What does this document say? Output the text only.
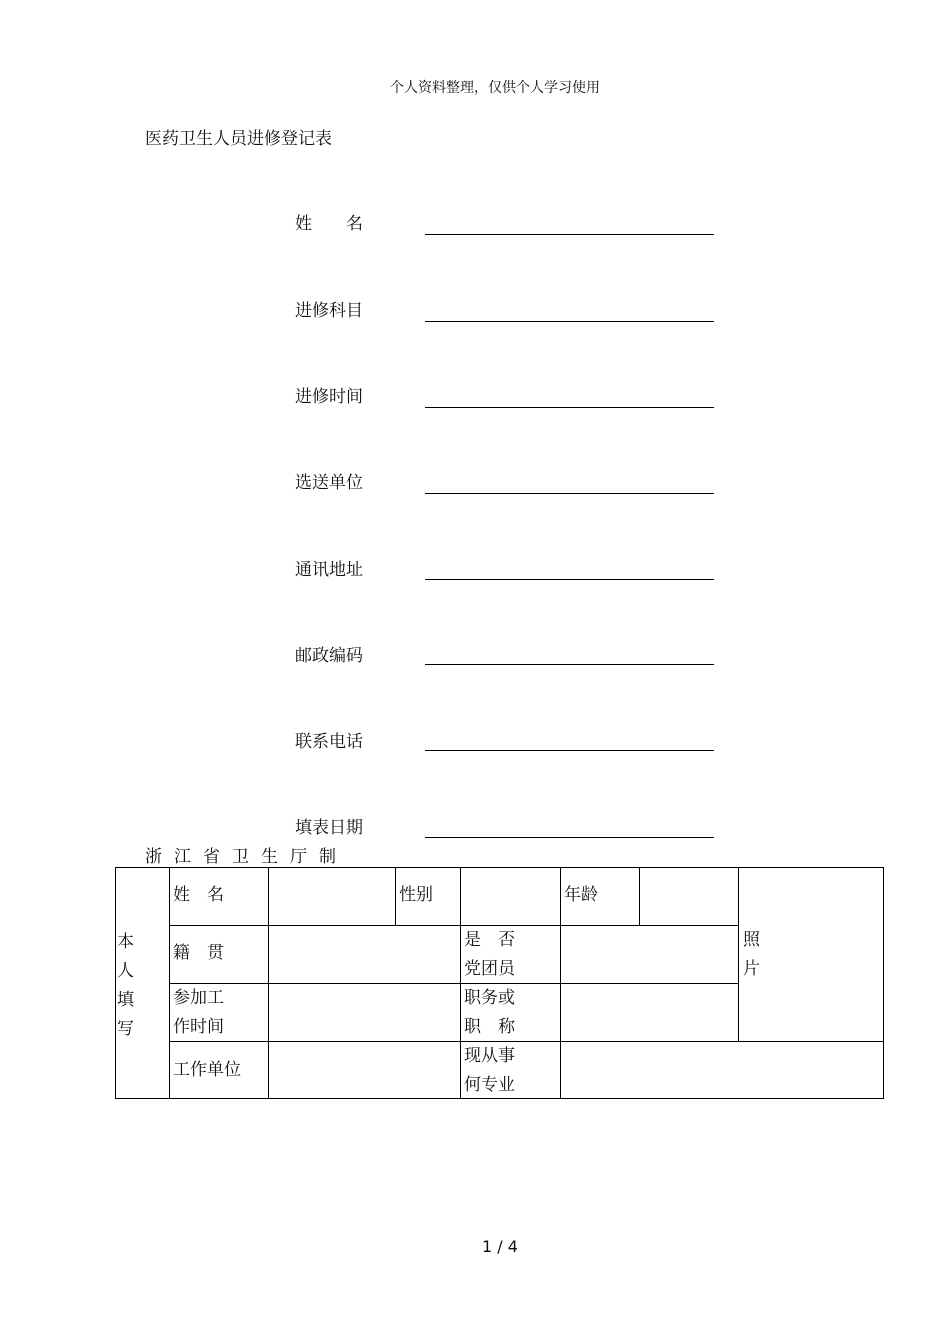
个人资料整理，仅供个人学习使用
医药卫生人员进修登记表
姓　　名
进修科目
进修时间
选送单位
通讯地址
邮政编码
联系电话
填表日期
浙江省卫生厅制
本
人
填
写
姓　名	性别	年龄
照
片
籍　贯
是　否
党团员
参加工
作时间
职务或
职　称
工作单位
现从事
何专业
1 / 4
